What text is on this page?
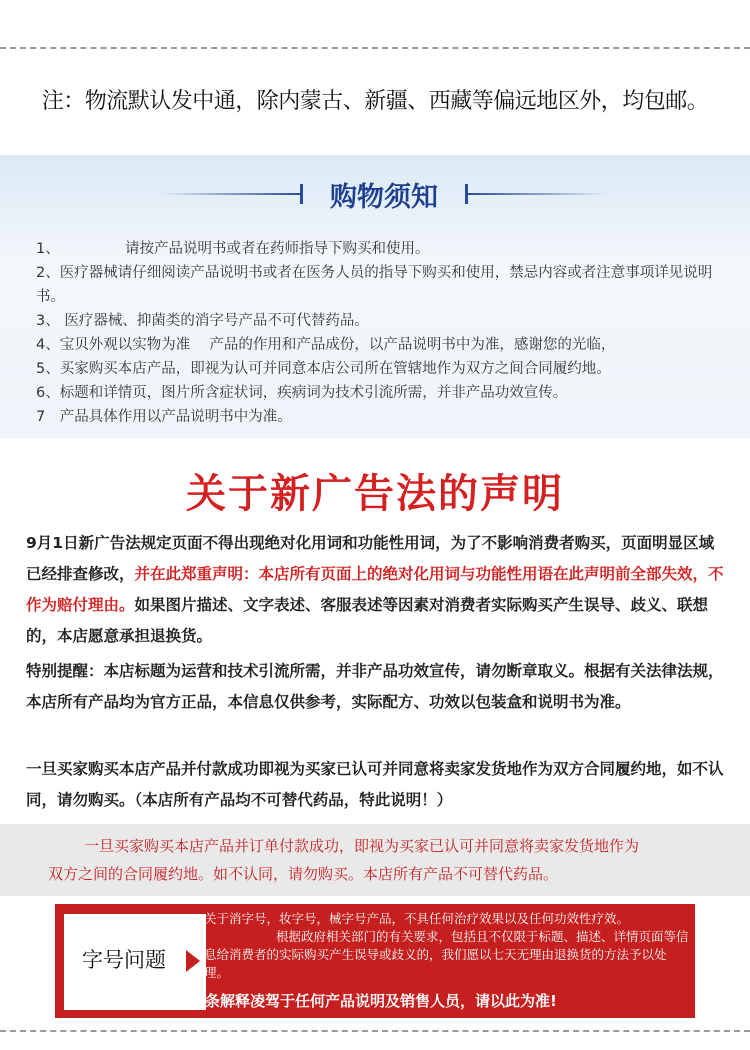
注：物流默认发中通，除内蒙古、新疆、西藏等偏远地区外，均包邮。
购物须知
1、　　　　　请按产品说明书或者在药师指导下购买和使用。
2、医疗器械请仔细阅读产品说明书或者在医务人员的指导下购买和使用，禁忌内容或者注意事项详见说明书。
3、 医疗器械、抑菌类的消字号产品不可代替药品。
4、宝贝外观以实物为准　 产品的作用和产品成份，以产品说明书中为准，感谢您的光临，
5、买家购买本店产品，即视为认可并同意本店公司所在管辖地作为双方之间合同履约地。
6、标题和详情页，图片所含症状词，疾病词为技术引流所需，并非产品功效宣传。
7　产品具体作用以产品说明书中为准。
关于新广告法的声明
9月1日新广告法规定页面不得出现绝对化用词和功能性用词，为了不影响消费者购买，页面明显区域已经排查修改，并在此郑重声明：本店所有页面上的绝对化用词与功能性用语在此声明前全部失效，不作为赔付理由。如果图片描述、文字表述、客服表述等因素对消费者实际购买产生误导、歧义、联想的，本店愿意承担退换货。
特别提醒：本店标题为运营和技术引流所需，并非产品功效宣传，请勿断章取义。根据有关法律法规，本店所有产品均为官方正品，本信息仅供参考，实际配方、功效以包装盒和说明书为准。
一旦买家购买本店产品并付款成功即视为买家已认可并同意将卖家发货地作为双方合同履约地，如不认同，请勿购买。（本店所有产品均不可替代药品，特此说明！）
一旦买家购买本店产品并订单付款成功，即视为买家已认可并同意将卖家发货地作为
双方之间的合同履约地。如不认同，请勿购买。本店所有产品不可替代药品。
字号问题
关于消字号，妆字号，械字号产品，不具任何治疗效果以及任何功效性疗效。
根据政府相关部门的有关要求，包括且不仅限于标题、描述、详情页面等信息给消费者的实际购买产生误导或歧义的，我们愿以七天无理由退换货的方法予以处理。
本条解释凌驾于任何产品说明及销售人员，请以此为准!
